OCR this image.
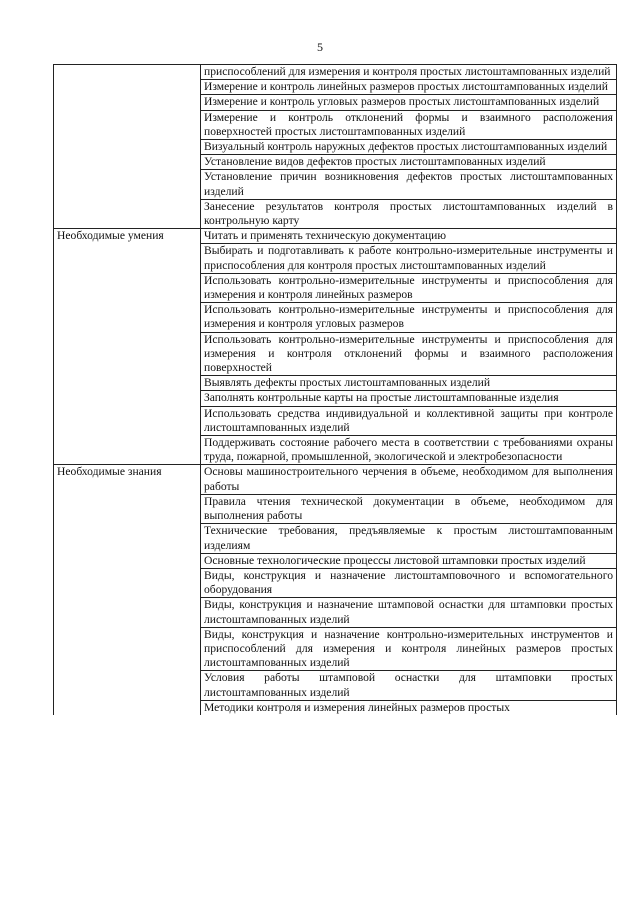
5
	приспособлений для измерения и контроля простых листоштампованных изделий
	Измерение и контроль линейных размеров простых листоштампованных изделий
	Измерение и контроль угловых размеров простых листоштампованных изделий
	Измерение и контроль отклонений формы и взаимного расположения поверхностей простых листоштампованных изделий
	Визуальный контроль наружных дефектов простых листоштампованных изделий
	Установление видов дефектов простых листоштампованных изделий
	Установление причин возникновения дефектов простых листоштампованных изделий
	Занесение результатов контроля простых листоштампованных изделий в контрольную карту
Необходимые умения	Читать и применять техническую документацию
	Выбирать и подготавливать к работе контрольно-измерительные инструменты и приспособления для контроля простых листоштампованных изделий
	Использовать контрольно-измерительные инструменты и приспособления для измерения и контроля линейных размеров
	Использовать контрольно-измерительные инструменты и приспособления для измерения и контроля угловых размеров
	Использовать контрольно-измерительные инструменты и приспособления для измерения и контроля отклонений формы и взаимного расположения поверхностей
	Выявлять дефекты простых листоштампованных изделий
	Заполнять контрольные карты на простые листоштампованные изделия
	Использовать средства индивидуальной и коллективной защиты при контроле листоштампованных изделий
	Поддерживать состояние рабочего места в соответствии с требованиями охраны труда, пожарной, промышленной, экологической и электробезопасности
Необходимые знания	Основы машиностроительного черчения в объеме, необходимом для выполнения работы
	Правила чтения технической документации в объеме, необходимом для выполнения работы
	Технические требования, предъявляемые к простым листоштампованным изделиям
	Основные технологические процессы листовой штамповки простых изделий
	Виды, конструкция и назначение листоштамповочного и вспомогательного оборудования
	Виды, конструкция и назначение штамповой оснастки для штамповки простых листоштампованных изделий
	Виды, конструкция и назначение контрольно-измерительных инструментов и приспособлений для измерения и контроля линейных размеров простых листоштампованных изделий
	Условия работы штамповой оснастки для штамповки простых листоштампованных изделий
	Методики контроля и измерения линейных размеров простых
